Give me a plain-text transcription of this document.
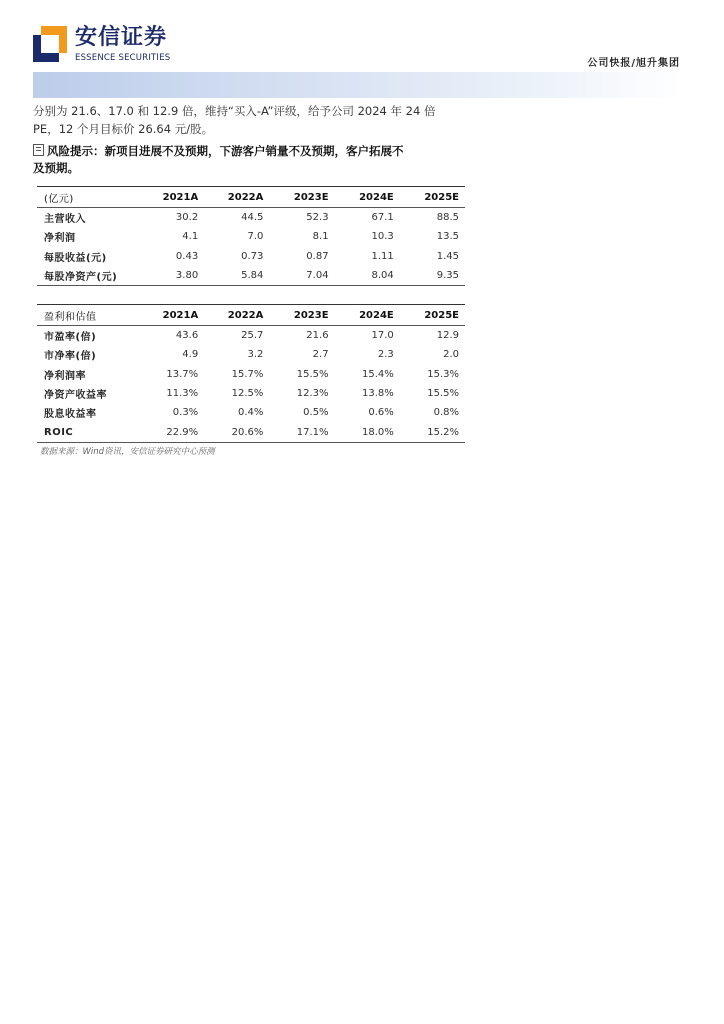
安信证券
ESSENCE SECURITIES	公司快报/旭升集团
分别为 21.6、17.0 和 12.9 倍，维持“买入-A”评级，给予公司 2024 年 24 倍
PE，12 个月目标价 26.64 元/股。
风险提示：新项目进展不及预期，下游客户销量不及预期，客户拓展不
及预期。
(亿元)	2021A	2022A	2023E	2024E	2025E
主营收入	30.2	44.5	52.3	67.1	88.5
净利润	4.1	7.0	8.1	10.3	13.5
每股收益(元)	0.43	0.73	0.87	1.11	1.45
每股净资产(元)	3.80	5.84	7.04	8.04	9.35
盈利和估值	2021A	2022A	2023E	2024E	2025E
市盈率(倍)	43.6	25.7	21.6	17.0	12.9
市净率(倍)	4.9	3.2	2.7	2.3	2.0
净利润率	13.7%	15.7%	15.5%	15.4%	15.3%
净资产收益率	11.3%	12.5%	12.3%	13.8%	15.5%
股息收益率	0.3%	0.4%	0.5%	0.6%	0.8%
ROIC	22.9%	20.6%	17.1%	18.0%	15.2%
数据来源：Wind资讯，安信证券研究中心预测
